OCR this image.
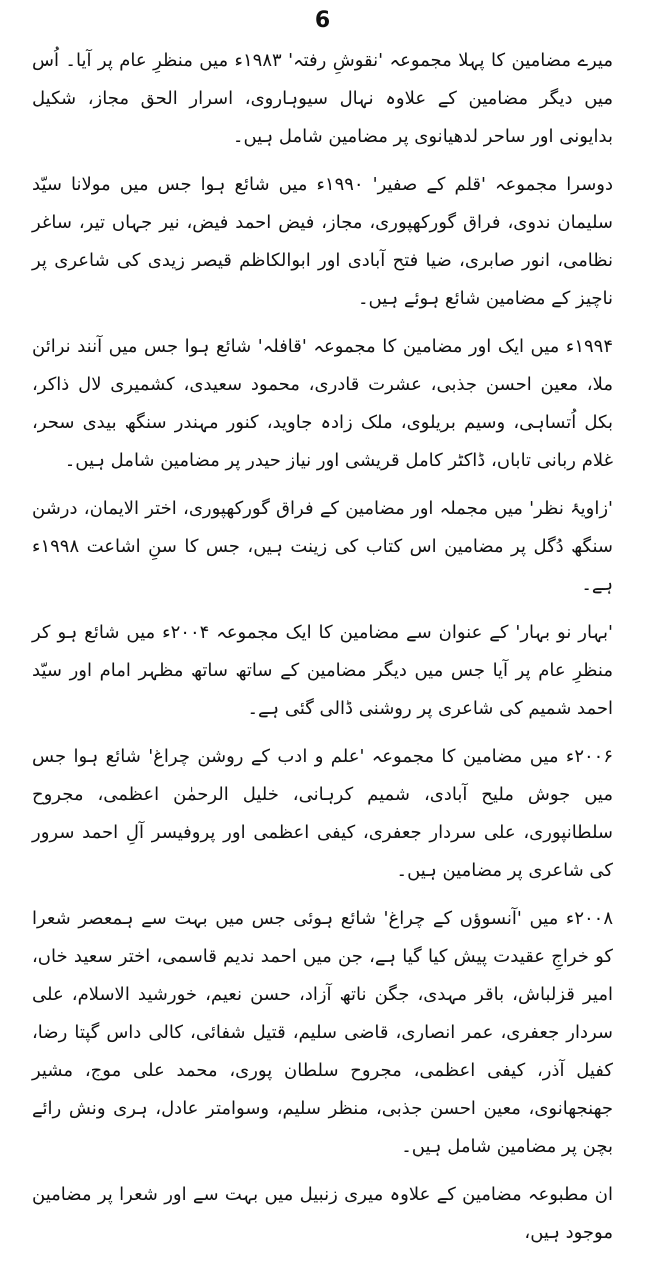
6

میرے مضامین کا پہلا مجموعہ 'نقوشِ رفتہ' ۱۹۸۳ء میں منظرِ عام پر آیا۔ اُس میں دیگر مضامین کے علاوہ نہال سیوہاروی، اسرار الحق مجاز، شکیل بدایونی اور ساحر لدھیانوی پر مضامین شامل ہیں۔

دوسرا مجموعہ 'قلم کے صفیر' ۱۹۹۰ء میں شائع ہوا جس میں مولانا سیّد سلیمان ندوی، فراق گورکھپوری، مجاز، فیض احمد فیض، نیر جہاں تیر، ساغر نظامی، انور صابری، ضیا فتح آبادی اور ابوالکاظم قیصر زیدی کی شاعری پر ناچیز کے مضامین شائع ہوئے ہیں۔

۱۹۹۴ء میں ایک اور مضامین کا مجموعہ 'قافلہ' شائع ہوا جس میں آنند نرائن ملا، معین احسن جذبی، عشرت قادری، محمود سعیدی، کشمیری لال ذاکر، بکل اُتساہی، وسیم بریلوی، ملک زادہ جاوید، کنور مہندر سنگھ بیدی سحر، غلام ربانی تاباں، ڈاکٹر کامل قریشی اور نیاز حیدر پر مضامین شامل ہیں۔

'زاویۂ نظر' میں مجملہ اور مضامین کے فراق گورکھپوری، اختر الایمان، درشن سنگھ دُگل پر مضامین اس کتاب کی زینت ہیں، جس کا سنِ اشاعت ۱۹۹۸ء ہے۔

'بہار نو بہار' کے عنوان سے مضامین کا ایک مجموعہ ۲۰۰۴ء میں شائع ہو کر منظرِ عام پر آیا جس میں دیگر مضامین کے ساتھ ساتھ مظہر امام اور سیّد احمد شمیم کی شاعری پر روشنی ڈالی گئی ہے۔

۲۰۰۶ء میں مضامین کا مجموعہ 'علم و ادب کے روشن چراغ' شائع ہوا جس میں جوش ملیح آبادی، شمیم کرہانی، خلیل الرحمٰن اعظمی، مجروح سلطانپوری، علی سردار جعفری، کیفی اعظمی اور پروفیسر آلِ احمد سرور کی شاعری پر مضامین ہیں۔

۲۰۰۸ء میں 'آنسوؤں کے چراغ' شائع ہوئی جس میں بہت سے ہمعصر شعرا کو خراجِ عقیدت پیش کیا گیا ہے، جن میں احمد ندیم قاسمی، اختر سعید خاں، امیر قزلباش، باقر مہدی، جگن ناتھ آزاد، حسن نعیم، خورشید الاسلام، علی سردار جعفری، عمر انصاری، قاضی سلیم، قتیل شفائی، کالی داس گپتا رضا، کفیل آذر، کیفی اعظمی، مجروح سلطان پوری، محمد علی موج، مشیر جھنجھانوی، معین احسن جذبی، منظر سلیم، وسوامتر عادل، ہری ونش رائے بچن پر مضامین شامل ہیں۔

ان مطبوعہ مضامین کے علاوہ میری زنبیل میں بہت سے اور شعرا پر مضامین موجود ہیں،
